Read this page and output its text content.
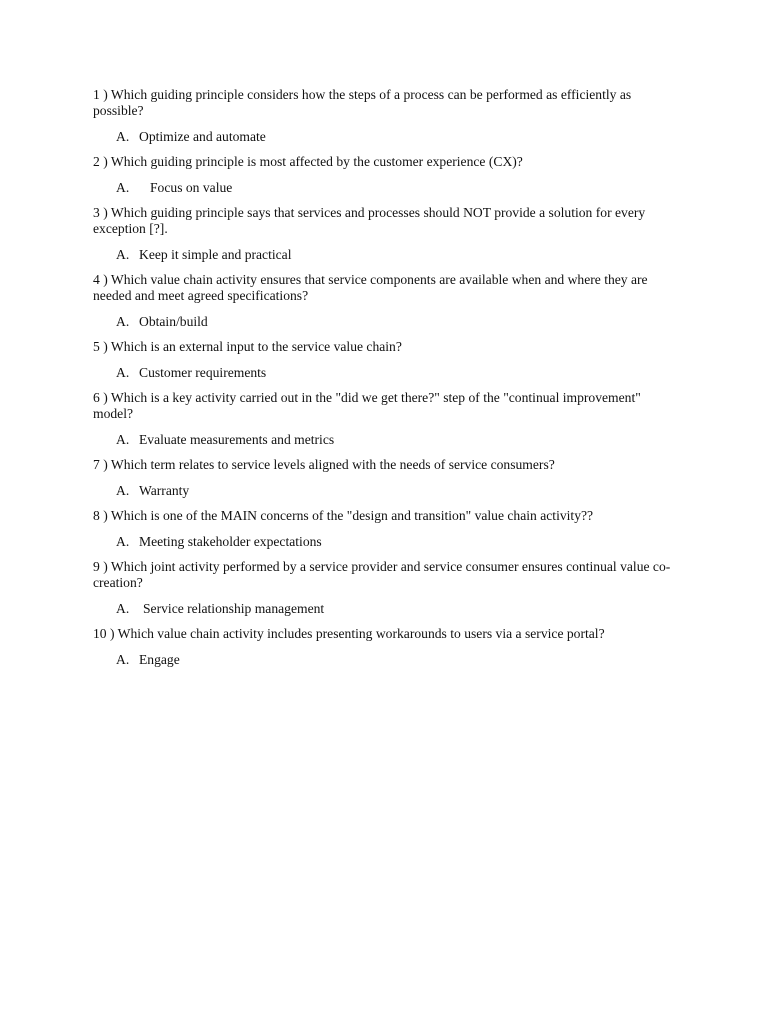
1 ) Which guiding principle considers how the steps of a process can be performed as efficiently as possible?

A. Optimize and automate

2 ) Which guiding principle is most affected by the customer experience (CX)?

A. Focus on value

3 ) Which guiding principle says that services and processes should NOT provide a solution for every exception [?].

A. Keep it simple and practical

4 ) Which value chain activity ensures that service components are available when and where they are needed and meet agreed specifications?

A. Obtain/build

5 ) Which is an external input to the service value chain?

A. Customer requirements

6 ) Which is a key activity carried out in the "did we get there?" step of the "continual improvement" model?

A. Evaluate measurements and metrics

7 ) Which term relates to service levels aligned with the needs of service consumers?

A. Warranty

8 ) Which is one of the MAIN concerns of the "design and transition" value chain activity??

A. Meeting stakeholder expectations

9 ) Which joint activity performed by a service provider and service consumer ensures continual value co-creation?

A. Service relationship management

10 ) Which value chain activity includes presenting workarounds to users via a service portal?

A. Engage
